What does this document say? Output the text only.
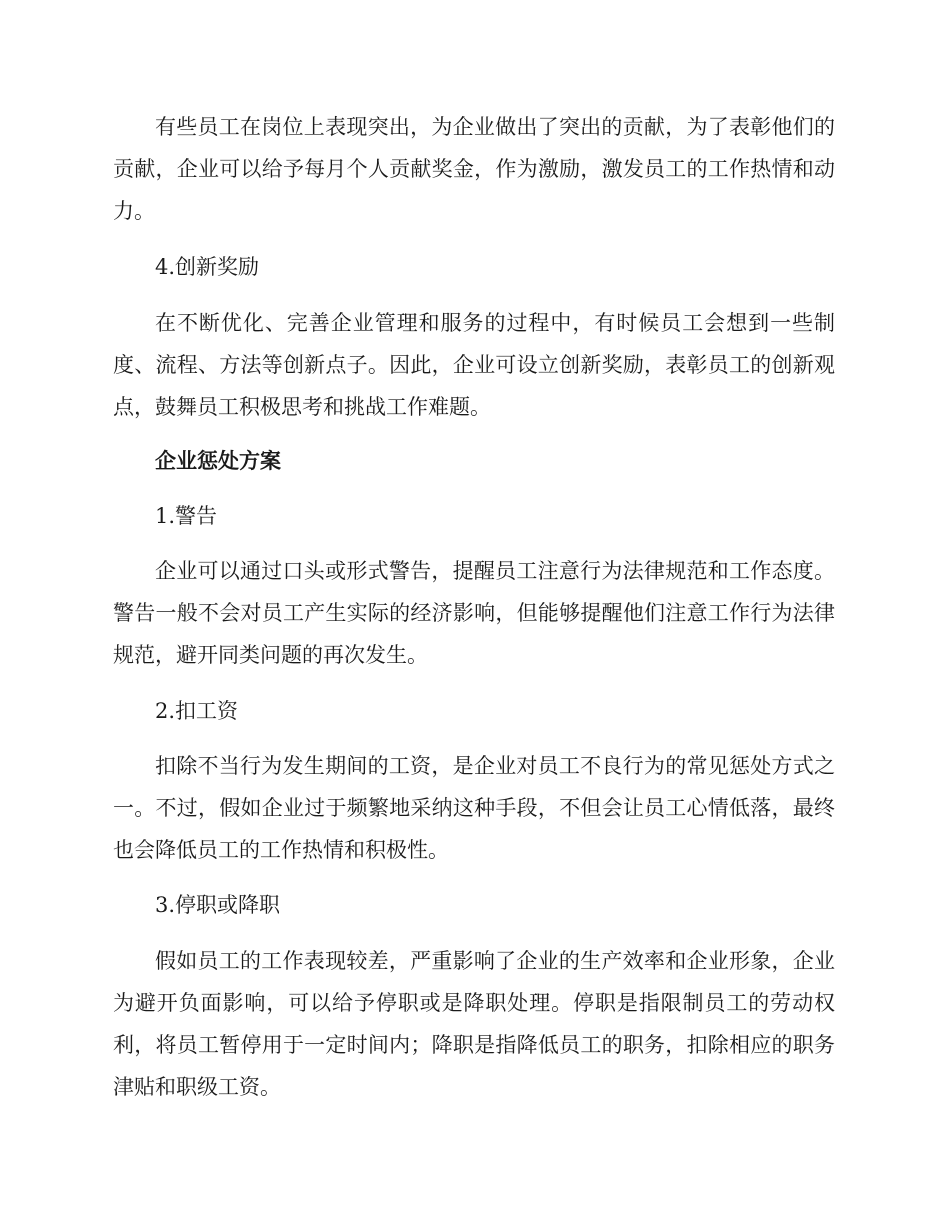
有些员工在岗位上表现突出，为企业做出了突出的贡献，为了表彰他们的贡献，企业可以给予每月个人贡献奖金，作为激励，激发员工的工作热情和动力。
4.创新奖励
在不断优化、完善企业管理和服务的过程中，有时候员工会想到一些制度、流程、方法等创新点子。因此，企业可设立创新奖励，表彰员工的创新观点，鼓舞员工积极思考和挑战工作难题。
企业惩处方案
1.警告
企业可以通过口头或形式警告，提醒员工注意行为法律规范和工作态度。警告一般不会对员工产生实际的经济影响，但能够提醒他们注意工作行为法律规范，避开同类问题的再次发生。
2.扣工资
扣除不当行为发生期间的工资，是企业对员工不良行为的常见惩处方式之一。不过，假如企业过于频繁地采纳这种手段，不但会让员工心情低落，最终也会降低员工的工作热情和积极性。
3.停职或降职
假如员工的工作表现较差，严重影响了企业的生产效率和企业形象，企业为避开负面影响，可以给予停职或是降职处理。停职是指限制员工的劳动权利，将员工暂停用于一定时间内；降职是指降低员工的职务，扣除相应的职务津贴和职级工资。
